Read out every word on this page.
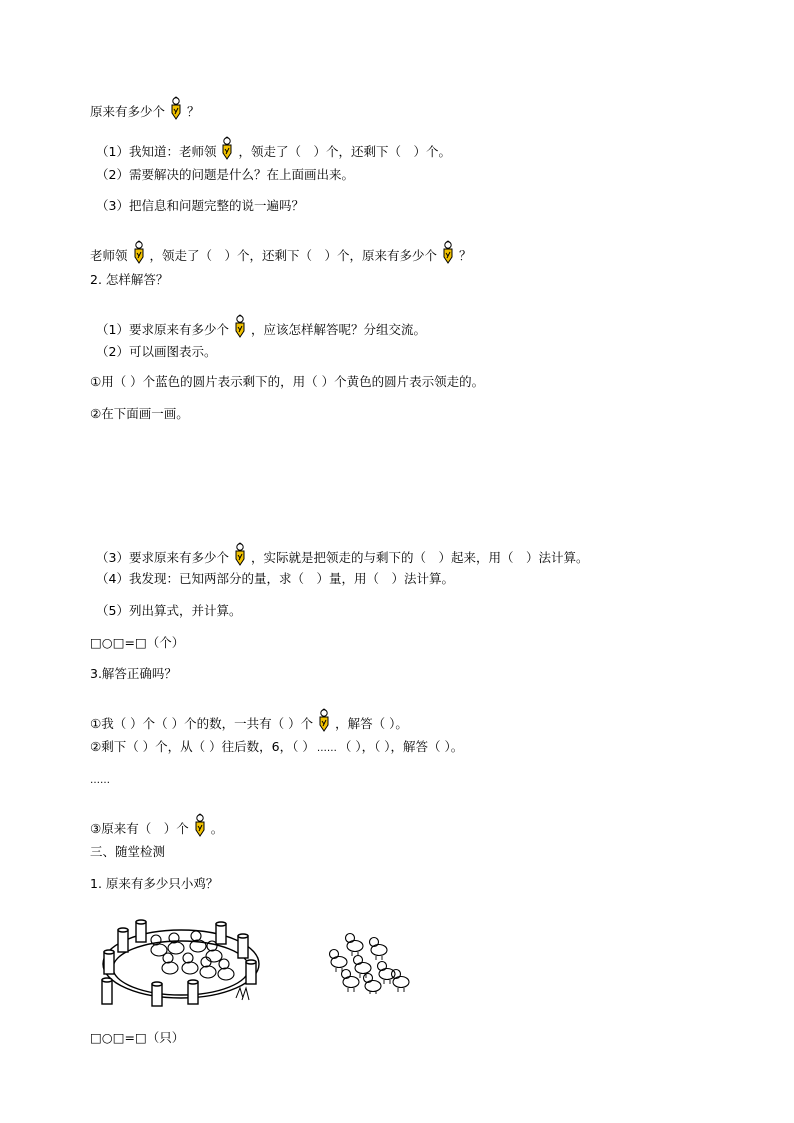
原来有多少个 ？
（1）我知道：老师领 ，领走了（　）个，还剩下（　）个。
（2）需要解决的问题是什么？在上面画出来。
（3）把信息和问题完整的说一遍吗？
老师领 ，领走了（　）个，还剩下（　）个，原来有多少个 ？
2. 怎样解答？
（1）要求原来有多少个 ，应该怎样解答呢？分组交流。
（2）可以画图表示。
①用（ ）个蓝色的圆片表示剩下的，用（ ）个黄色的圆片表示领走的。
②在下面画一画。
（3）要求原来有多少个 ，实际就是把领走的与剩下的（　）起来，用（　）法计算。
（4）我发现：已知两部分的量，求（　）量，用（　）法计算。
（5）列出算式，并计算。
□○□=□（个）
3.解答正确吗？
①我（ ）个（ ）个的数，一共有（ ）个 ，解答（ ）。
②剩下（ ）个，从（ ）往后数，6，（ ） …… （ ），（ ），解答（ ）。
……
③原来有（　）个 。
三、随堂检测
1. 原来有多少只小鸡？
□○□=□（只）
